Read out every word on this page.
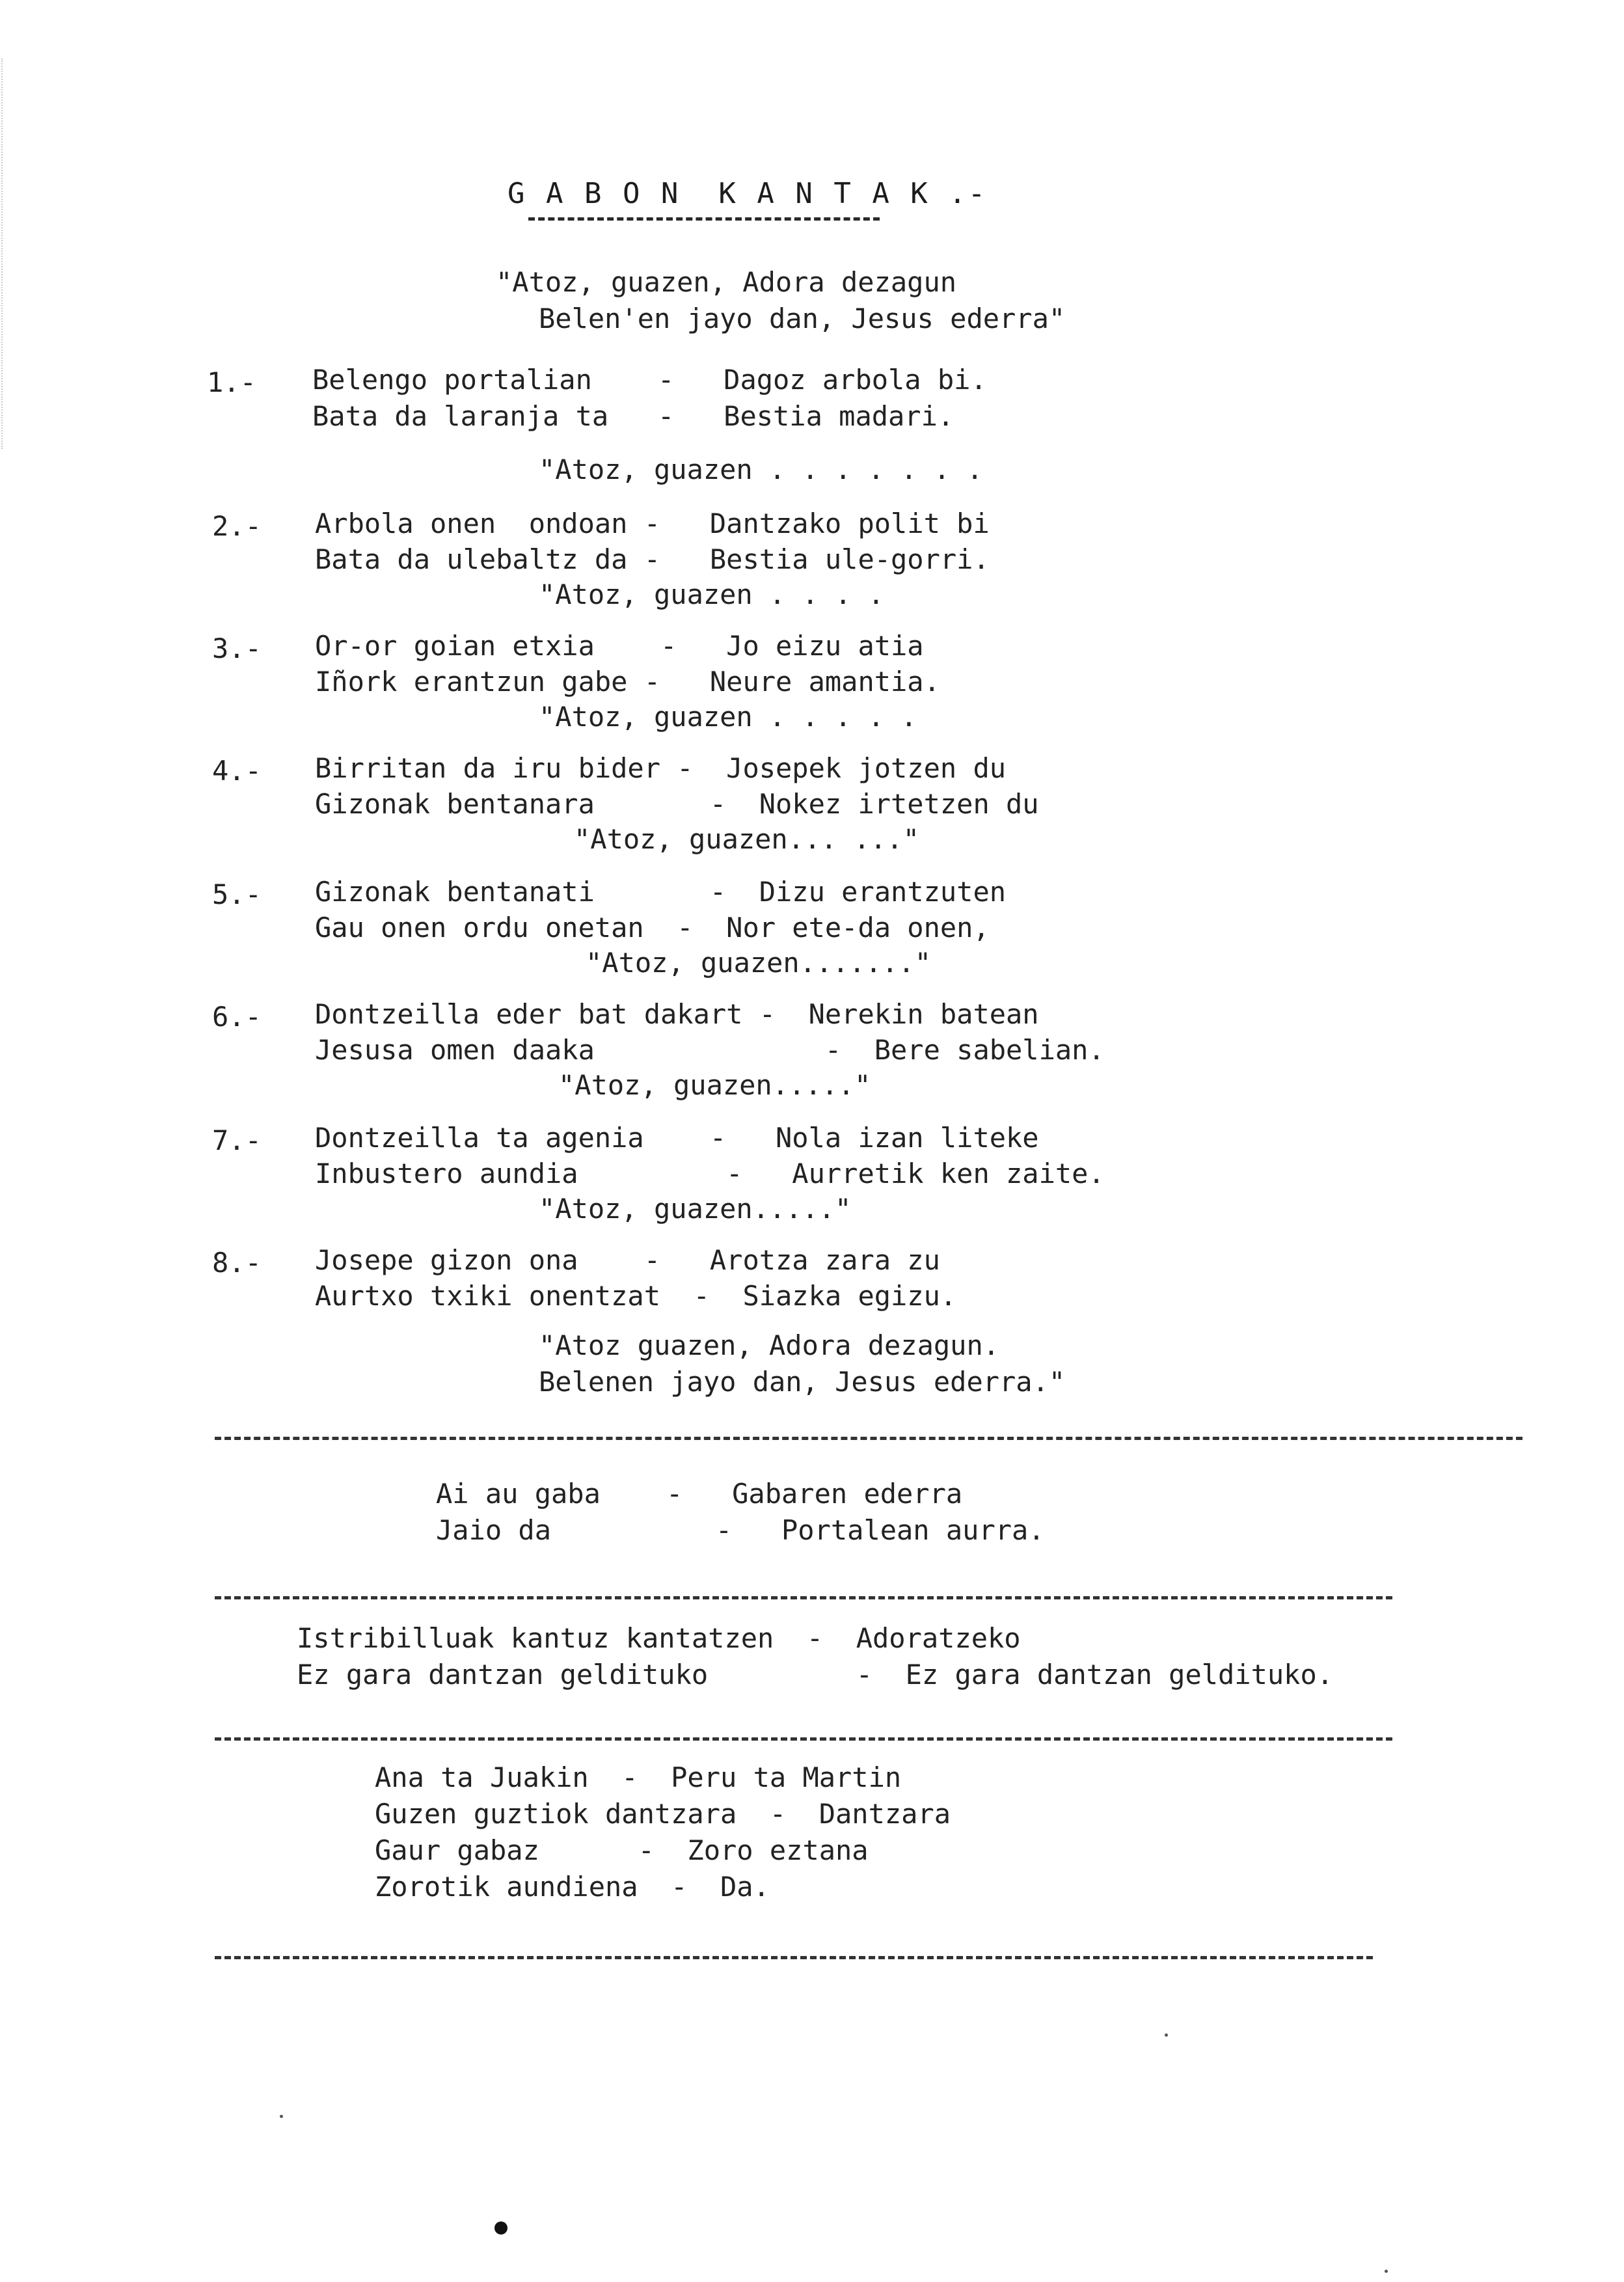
G A B O N  K A N T A K .-
"Atoz, guazen, Adora dezagun
Belen'en jayo dan, Jesus ederra"
1.- Belengo portalian    -   Dagoz arbola bi.
Bata da laranja ta   -   Bestia madari.
"Atoz, guazen . . . . . . .
2.- Arbola onen  ondoan -   Dantzako polit bi
Bata da ulebaltz da -   Bestia ule-gorri.
"Atoz, guazen . . . .
3.- Or-or goian etxia    -   Jo eizu atia
Iñork erantzun gabe -   Neure amantia.
"Atoz, guazen . . . . .
4.- Birritan da iru bider -  Josepek jotzen du
Gizonak bentanara       -  Nokez irtetzen du
"Atoz, guazen... ..."
5.- Gizonak bentanati       -  Dizu erantzuten
Gau onen ordu onetan  -  Nor ete-da onen,
"Atoz, guazen......."
6.- Dontzeilla eder bat dakart -  Nerekin batean
Jesusa omen daaka              -  Bere sabelian.
"Atoz, guazen....."
7.- Dontzeilla ta agenia    -   Nola izan liteke
Inbustero aundia         -   Aurretik ken zaite.
"Atoz, guazen....."
8.- Josepe gizon ona    -   Arotza zara zu
Aurtxo txiki onentzat  -  Siazka egizu.
"Atoz guazen, Adora dezagun.
Belenen jayo dan, Jesus ederra."
Ai au gaba    -   Gabaren ederra
Jaio da          -   Portalean aurra.
Istribilluak kantuz kantatzen  -  Adoratzeko
Ez gara dantzan geldituko         -  Ez gara dantzan geldituko.
Ana ta Juakin  -  Peru ta Martin
Guzen guztiok dantzara  -  Dantzara
Gaur gabaz      -  Zoro eztana
Zorotik aundiena  -  Da.
